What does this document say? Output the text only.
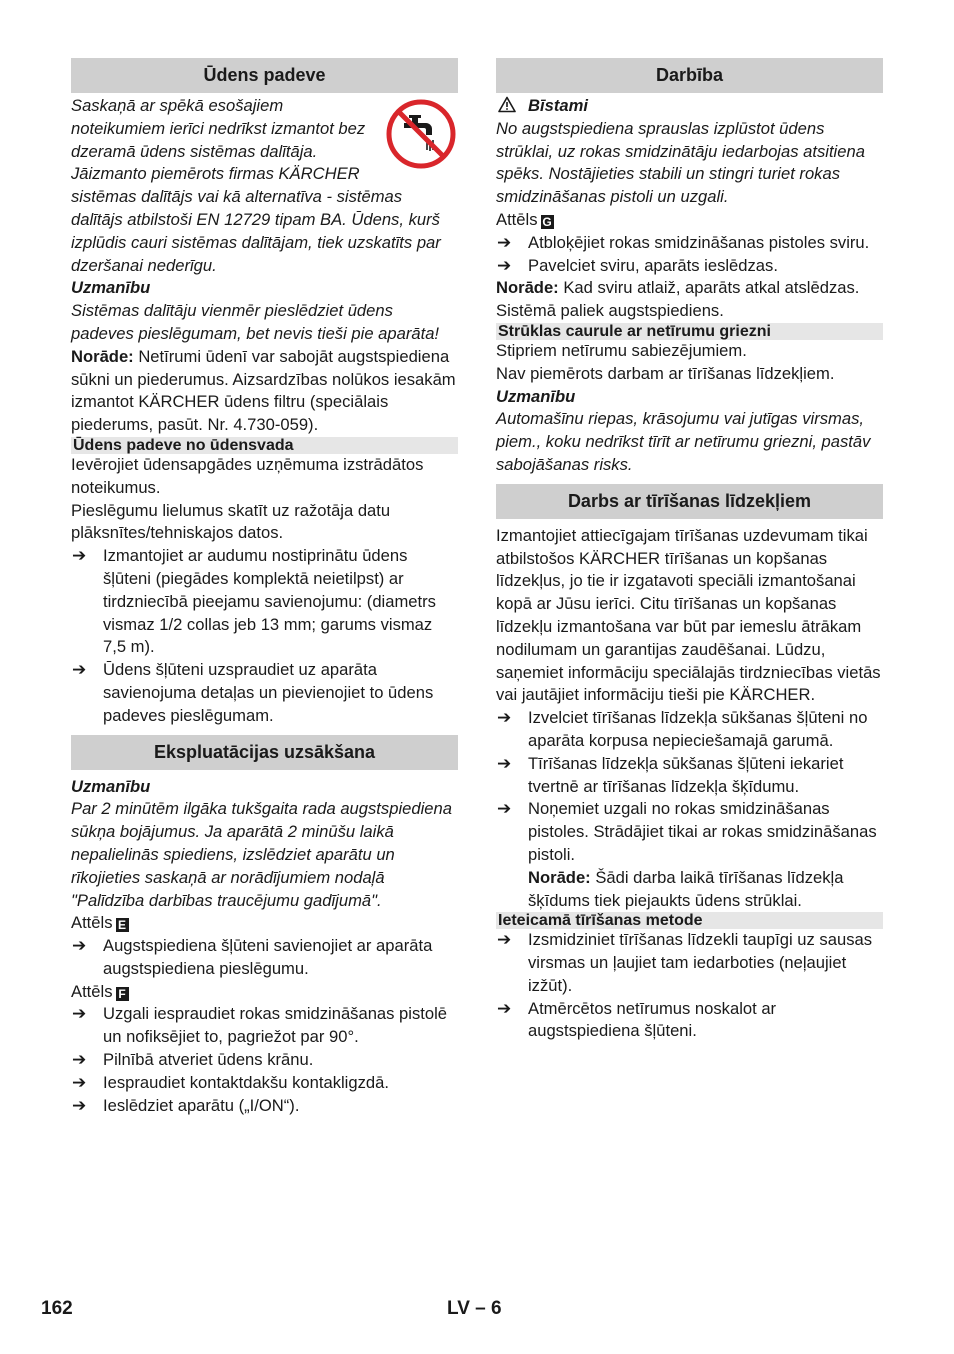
Ūdens padeve

Saskaņā ar spēkā esošajiem noteikumiem ierīci nedrīkst izmantot bez dzeramā ūdens sistēmas dalītāja. Jāizmanto piemērots firmas KÄRCHER sistēmas dalītājs vai kā alternatīva - sistēmas dalītājs atbilstoši EN 12729 tipam BA. Ūdens, kurš izplūdis cauri sistēmas dalītājam, tiek uzskatīts par dzeršanai nederīgu.

Uzmanību

Sistēmas dalītāju vienmēr pieslēdziet ūdens padeves pieslēgumam, bet nevis tieši pie aparāta!

Norāde: Netīrumi ūdenī var sabojāt augstspiediena sūkni un piederumus. Aizsardzības nolūkos iesakām izmantot KÄRCHER ūdens filtru (speciālais piederums, pasūt. Nr. 4.730-059).

Ūdens padeve no ūdensvada

Ievērojiet ūdensapgādes uzņēmuma izstrādātos noteikumus.

Pieslēgumu lielumus skatīt uz ražotāja datu plāksnītes/tehniskajos datos.

➔ Izmantojiet ar audumu nostiprinātu ūdens šļūteni (piegādes komplektā neietilpst) ar tirdzniecībā pieejamu savienojumu: (diametrs vismaz 1/2 collas jeb 13 mm; garums vismaz 7,5 m).
➔ Ūdens šļūteni uzspraudiet uz aparāta savienojuma detaļas un pievienojiet to ūdens padeves pieslēgumam.
Ekspluatācijas uzsākšana

Uzmanību

Par 2 minūtēm ilgāka tukšgaita rada augstspiediena sūkņa bojājumus. Ja aparātā 2 minūšu laikā nepalielinās spiediens, izslēdziet aparātu un rīkojieties saskaņā ar norādījumiem nodaļā "Palīdzība darbības traucējumu gadījumā".

Attēls E

➔ Augstspiediena šļūteni savienojiet ar aparāta augstspiediena pieslēgumu.

Attēls F

➔ Uzgali iespraudiet rokas smidzināšanas pistolē un nofiksējiet to, pagriežot par 90°.
➔ Pilnībā atveriet ūdens krānu.
➔ Iespraudiet kontaktdakšu kontakligzdā.
➔ Ieslēdziet aparātu („I/ON“).
Darbība

Bīstami

No augstspiediena sprauslas izplūstot ūdens strūklai, uz rokas smidzinātāju iedarbojas atsitiena spēks. Nostājieties stabili un stingri turiet rokas smidzināšanas pistoli un uzgali.

Attēls G

➔ Atbloķējiet rokas smidzināšanas pistoles sviru.
➔ Pavelciet sviru, aparāts ieslēdzas.

Norāde: Kad sviru atlaiž, aparāts atkal atslēdzas. Sistēmā paliek augstspiediens.

Strūklas caurule ar netīrumu griezni

Stipriem netīrumu sabiezējumiem.

Nav piemērots darbam ar tīrīšanas līdzekļiem.

Uzmanību

Automašīnu riepas, krāsojumu vai jutīgas virsmas, piem., koku nedrīkst tīrīt ar netīrumu griezni, pastāv sabojāšanas risks.

Darbs ar tīrīšanas līdzekļiem

Izmantojiet attiecīgajam tīrīšanas uzdevumam tikai atbilstošos KÄRCHER tīrīšanas un kopšanas līdzekļus, jo tie ir izgatavoti speciāli izmantošanai kopā ar Jūsu ierīci. Citu tīrīšanas un kopšanas līdzekļu izmantošana var būt par iemeslu ātrākam nodilumam un garantijas zaudēšanai. Lūdzu, saņemiet informāciju speciālajās tirdzniecības vietās vai jautājiet informāciju tieši pie KÄRCHER.

➔ Izvelciet tīrīšanas līdzekļa sūkšanas šļūteni no aparāta korpusa nepieciešamajā garumā.
➔ Tīrīšanas līdzekļa sūkšanas šļūteni iekariet tvertnē ar tīrīšanas līdzekļa šķīdumu.
➔ Noņemiet uzgali no rokas smidzināšanas pistoles. Strādājiet tikai ar rokas smidzināšanas pistoli.

Norāde: Šādi darba laikā tīrīšanas līdzekļa šķīdums tiek piejaukts ūdens strūklai.

Ieteicamā tīrīšanas metode
➔ Izsmidziniet tīrīšanas līdzekli taupīgi uz sausas virsmas un ļaujiet tam iedarboties (neļaujiet izžūt).
➔ Atmērcētos netīrumus noskalot ar augstspiediena šļūteni.
162	LV – 6
